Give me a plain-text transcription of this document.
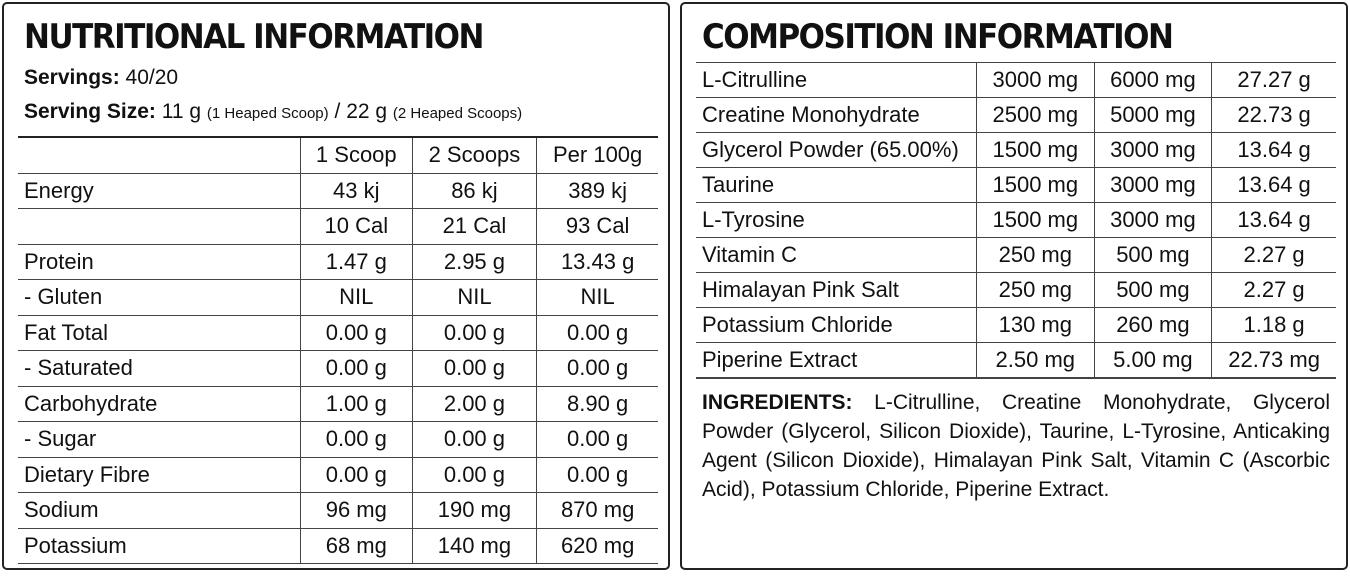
NUTRITIONAL INFORMATION
Servings: 40/20
Serving Size: 11 g (1 Heaped Scoop) / 22 g (2 Heaped Scoops)
	1 Scoop	2 Scoops	Per 100g
Energy	43 kj	86 kj	389 kj
	10 Cal	21 Cal	93 Cal
Protein	1.47 g	2.95 g	13.43 g
- Gluten	NIL	NIL	NIL
Fat Total	0.00 g	0.00 g	0.00 g
- Saturated	0.00 g	0.00 g	0.00 g
Carbohydrate	1.00 g	2.00 g	8.90 g
- Sugar	0.00 g	0.00 g	0.00 g
Dietary Fibre	0.00 g	0.00 g	0.00 g
Sodium	96 mg	190 mg	870 mg
Potassium	68 mg	140 mg	620 mg
COMPOSITION INFORMATION
L-Citrulline	3000 mg	6000 mg	27.27 g
Creatine Monohydrate	2500 mg	5000 mg	22.73 g
Glycerol Powder (65.00%)	1500 mg	3000 mg	13.64 g
Taurine	1500 mg	3000 mg	13.64 g
L-Tyrosine	1500 mg	3000 mg	13.64 g
Vitamin C	250 mg	500 mg	2.27 g
Himalayan Pink Salt	250 mg	500 mg	2.27 g
Potassium Chloride	130 mg	260 mg	1.18 g
Piperine Extract	2.50 mg	5.00 mg	22.73 mg

INGREDIENTS: L-Citrulline, Creatine Monohydrate, Glycerol Powder (Glycerol, Silicon Dioxide), Taurine, L-Tyrosine, Anticaking Agent (Silicon Dioxide), Himalayan Pink Salt, Vitamin C (Ascorbic Acid), Potassium Chloride, Piperine Extract.
